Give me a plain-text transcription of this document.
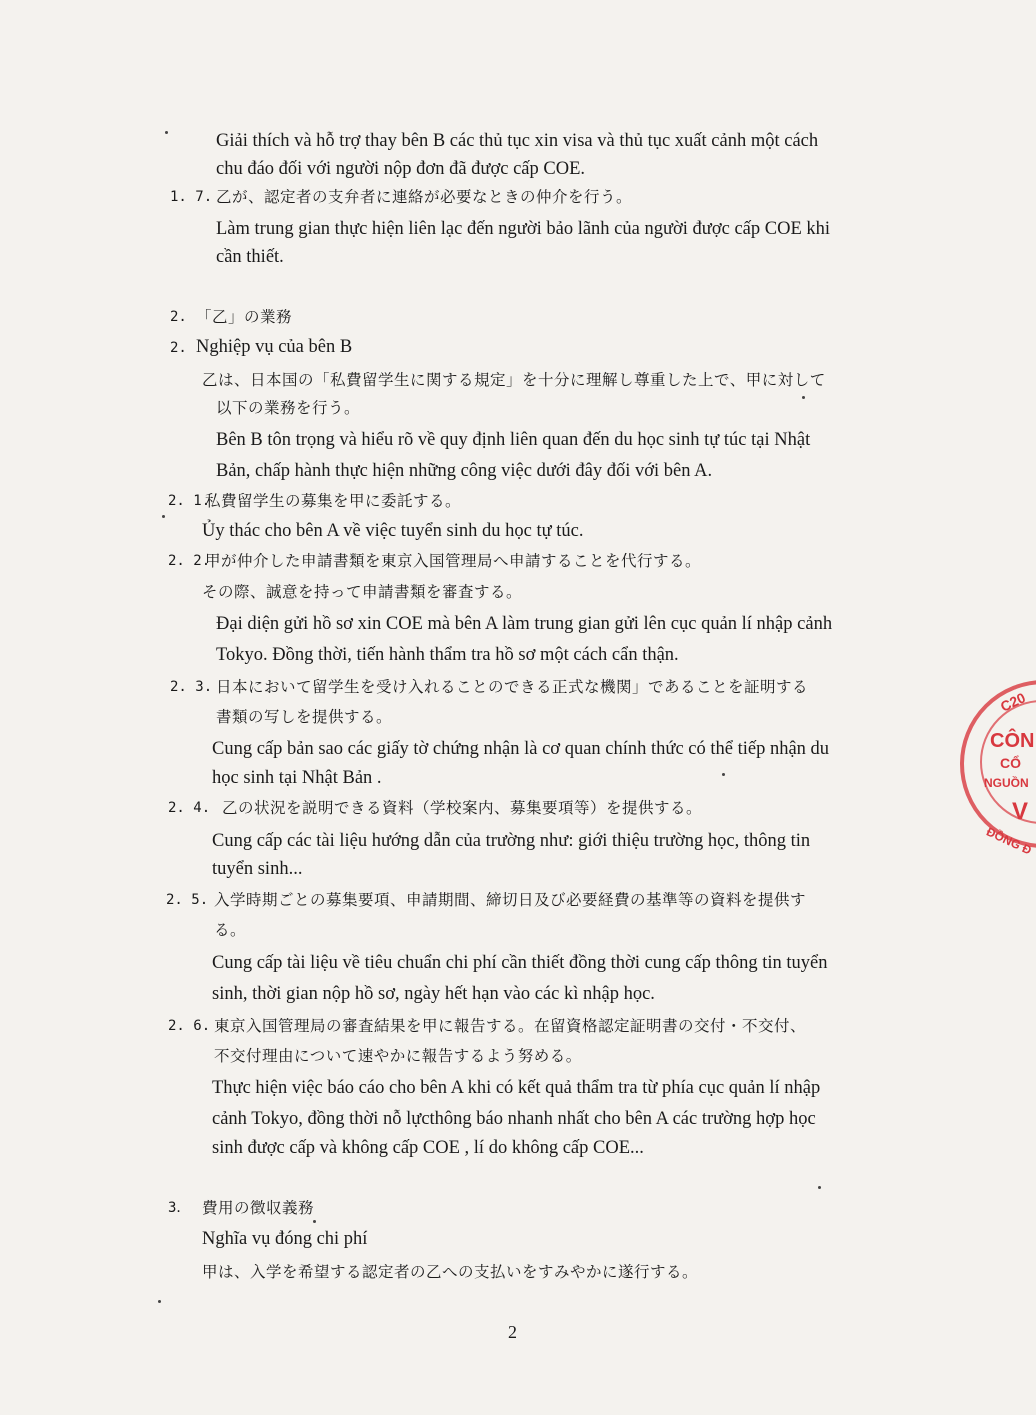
Giải thích và hỗ trợ thay bên B các thủ tục xin visa và thủ tục xuất cảnh một cách
chu đáo đối với người nộp đơn đã được cấp COE.
1. 7. 乙が、認定者の支弁者に連絡が必要なときの仲介を行う。
Làm trung gian thực hiện liên lạc đến người bảo lãnh của người được cấp COE khi
cần thiết.
2. 「乙」の業務
2. Nghiệp vụ của bên B
乙は、日本国の「私費留学生に関する規定」を十分に理解し尊重した上で、甲に対して
以下の業務を行う。
Bên B tôn trọng và hiểu rõ về quy định liên quan đến du học sinh tự túc tại Nhật
Bản, chấp hành thực hiện những công việc dưới đây đối với bên A.
2. 1.
私費留学生の募集を甲に委託する。
Ủy thác cho bên A về việc tuyển sinh du học tự túc.
2. 2.
甲が仲介した申請書類を東京入国管理局へ申請することを代行する。
その際、誠意を持って申請書類を審査する。
Đại diện gửi hồ sơ xin COE mà bên A làm trung gian gửi lên cục quản lí nhập cảnh
Tokyo. Đồng thời, tiến hành thẩm tra hồ sơ một cách cẩn thận.
2. 3. 日本において留学生を受け入れることのできる正式な機関」であることを証明する
書類の写しを提供する。
Cung cấp bản sao các giấy tờ chứng nhận là cơ quan chính thức có thể tiếp nhận du
học sinh tại Nhật Bản .
2. 4. 乙の状況を説明できる資料（学校案内、募集要項等）を提供する。
Cung cấp các tài liệu hướng dẫn của trường như: giới thiệu trường học, thông tin
tuyển sinh...
2. 5. 入学時期ごとの募集要項、申請期間、締切日及び必要経費の基準等の資料を提供す
る。
Cung cấp tài liệu về tiêu chuẩn chi phí cần thiết đồng thời cung cấp thông tin tuyển
sinh, thời gian nộp hồ sơ, ngày hết hạn vào các kì nhập học.
2. 6. 東京入国管理局の審査結果を甲に報告する。在留資格認定証明書の交付・不交付、
不交付理由について速やかに報告するよう努める。
Thực hiện việc báo cáo cho bên A khi có kết quả thẩm tra từ phía cục quản lí nhập
cảnh Tokyo, đồng thời nỗ lựcthông báo nhanh nhất cho bên A các trường hợp học
sinh được cấp và không cấp COE , lí do không cấp COE...
3． 費用の徴収義務
Nghĩa vụ đóng chi phí
甲は、入学を希望する認定者の乙への支払いをすみやかに遂行する。
2
C20
CÔN
CỔ
NGUỒN
V
ĐỒNG Đ
